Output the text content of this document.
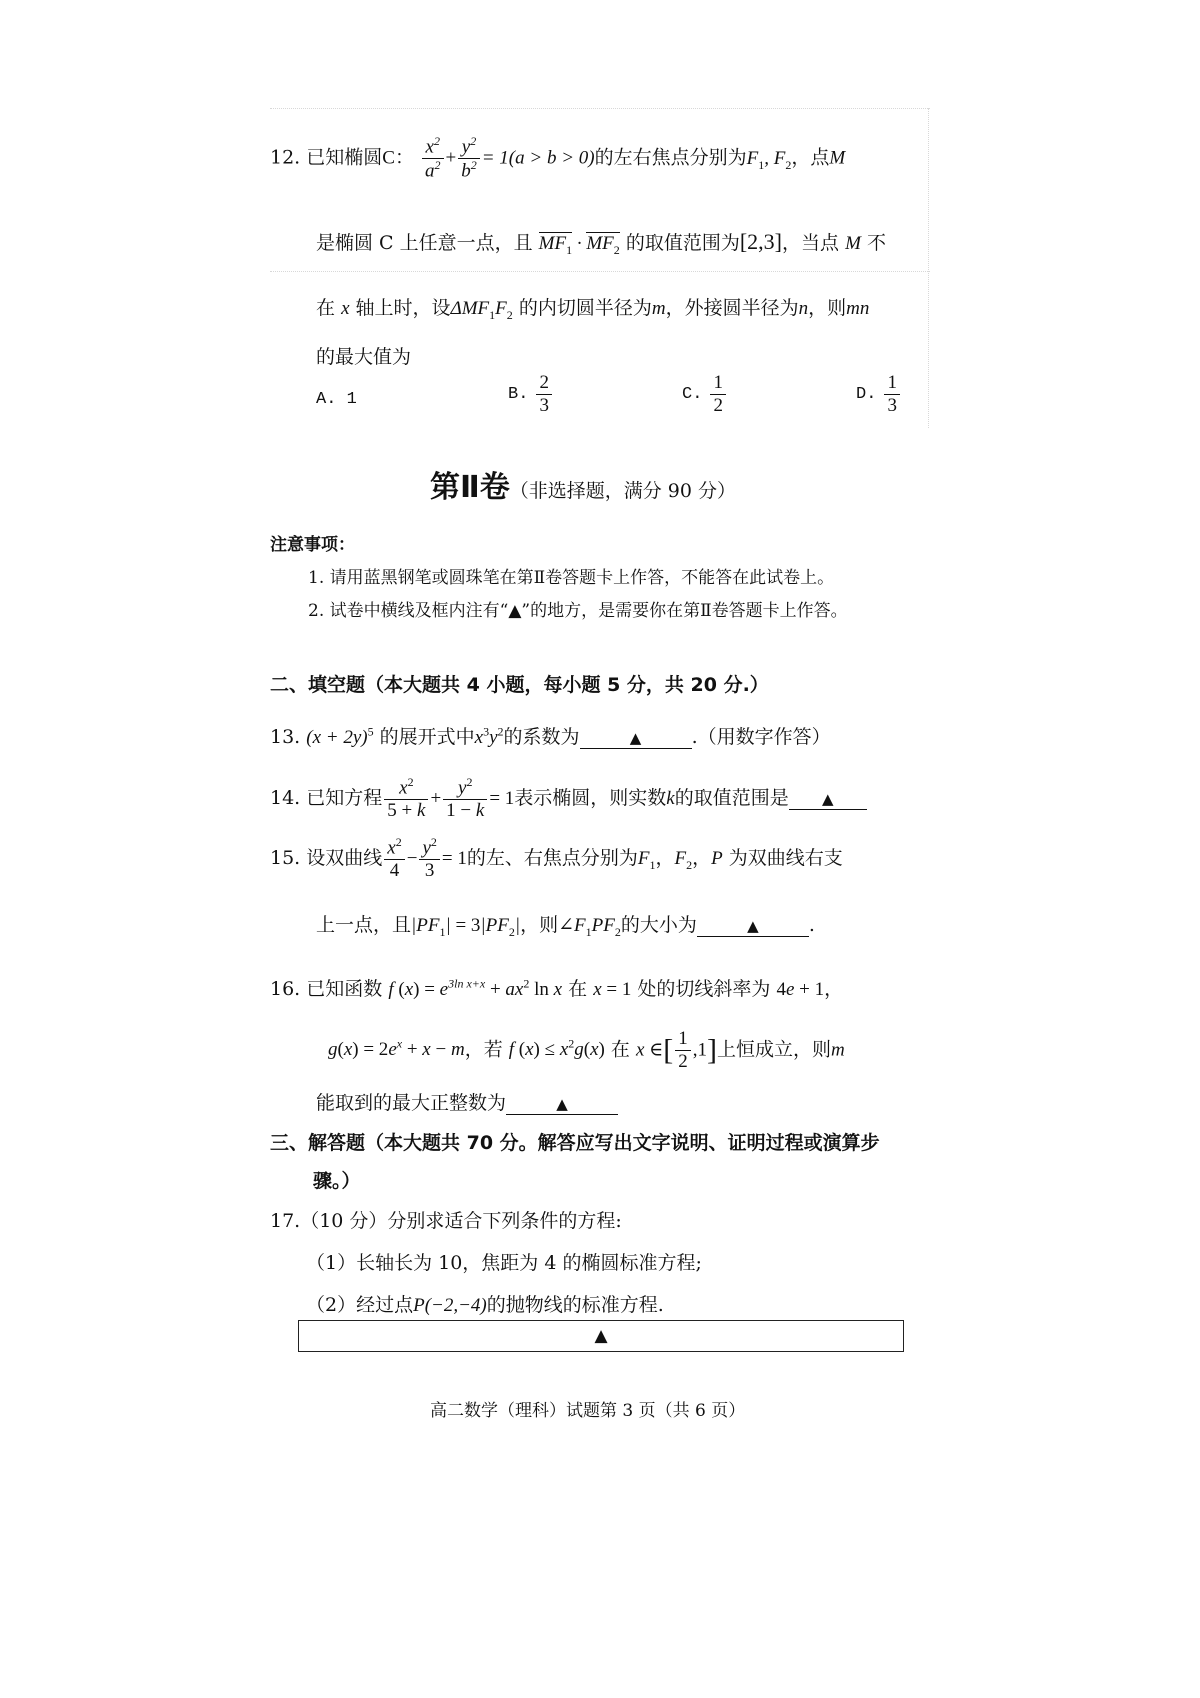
12. 已知椭圆C： $\frac{x^2}{a^2} + \frac{y^2}{b^2} = 1(a > b > 0)$的左右焦点分别为$F_1$, $F_2$，点M
是椭圆 C 上任意一点，且 $MF_1 \cdot MF_2$ 的取值范围为[2,3]，当点 M 不
在 x 轴上时，设$\Delta MF_1F_2$ 的内切圆半径为m，外接圆半径为n，则mn
的最大值为
A. 1	B. $\frac{2}{3}$	C. $\frac{1}{2}$	D. $\frac{1}{3}$
第Ⅱ卷（非选择题，满分 90 分）
注意事项：
1. 请用蓝黑钢笔或圆珠笔在第Ⅱ卷答题卡上作答，不能答在此试卷上。
2. 试卷中横线及框内注有“▲”的地方，是需要你在第Ⅱ卷答题卡上作答。
二、填空题（本大题共 4 小题，每小题 5 分，共 20 分.）
13. $(x + 2y)^5$ 的展开式中$x^3y^2$的系数为	▲	.（用数字作答）
14. 已知方程 $\frac{x^2}{5 + k} + \frac{y^2}{1 - k} = 1$表示椭圆，则实数k的取值范围是 ▲
15. 设双曲线 $\frac{x^2}{4} - \frac{y^2}{3} = 1$的左、右焦点分别为$F_1$，$F_2$，P 为双曲线右支
上一点，且$|PF_1| = 3|PF_2|$，则$\angle F_1PF_2$的大小为	▲	.
16. 已知函数 f $(x) = e^{3ln x+x} + ax^2$ ln x 在 x = 1 处的切线斜率为 4e + 1，
$g(x) = 2e^x + x - m$，若 f $(x) \le x^2g(x)$ 在 x ∈[ $\frac{1}{2} ,1$]上恒成立，则m
能取到的最大正整数为	▲
三、解答题（本大题共 70 分。解答应写出文字说明、证明过程或演算步
骤。）
17.（10 分）分别求适合下列条件的方程:
（1）长轴长为 10，焦距为 4 的椭圆标准方程;
（2）经过点P(−2,−4)的抛物线的标准方程.
▲
高二数学（理科）试题第 3 页（共 6 页）
